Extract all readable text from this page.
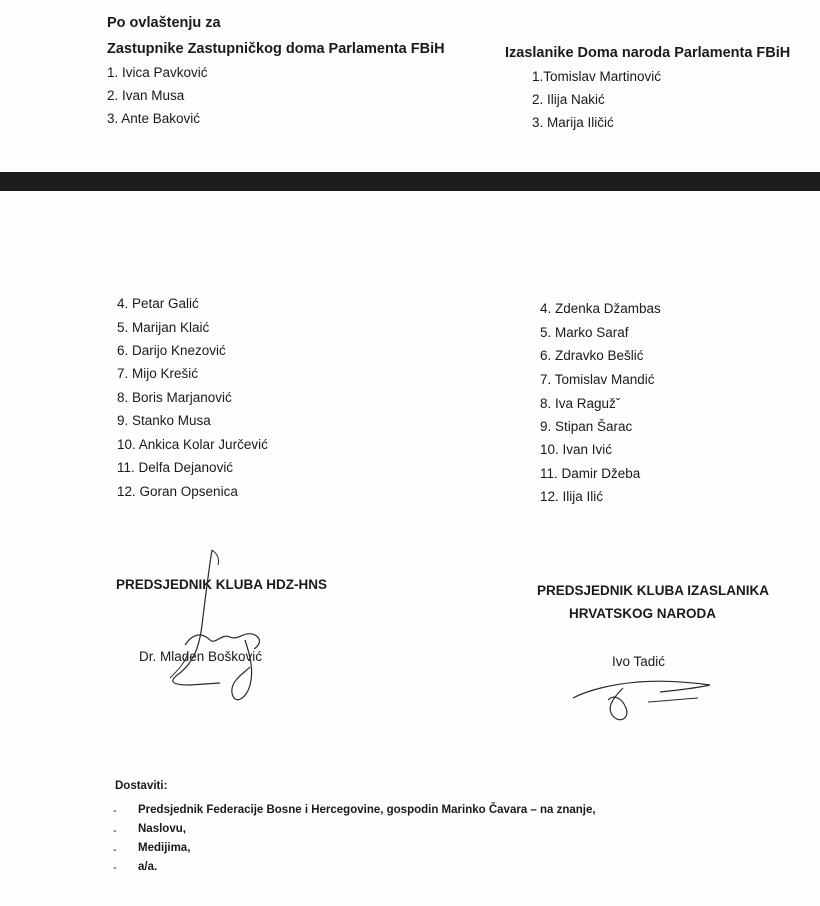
Po ovlaštenju za
Zastupnike Zastupničkog doma Parlamenta FBiH	Izaslanike Doma naroda Parlamenta FBiH
1. Ivica Pavković
2. Ivan Musa
3. Ante Baković
1.Tomislav Martinović
2. Ilija Nakić
3. Marija Iličić
4. Petar Galić
5. Marijan Klaić
6. Darijo Knezović
7. Mijo Krešić
8. Boris Marjanović
9. Stanko Musa
10. Ankica Kolar Jurčević
11. Delfa Dejanović
12. Goran Opsenica
4. Zdenka Džambas
5. Marko Saraf
6. Zdravko Bešlić
7. Tomislav Mandić
8. Iva Ragužˇ
9. Stipan Šarac
10. Ivan Ivić
11. Damir Džeba
12. Ilija Ilić
PREDSJEDNIK KLUBA HDZ-HNS
Dr. Mladen Bošković
PREDSJEDNIK KLUBA IZASLANIKA
HRVATSKOG NARODA
Ivo Tadić
Dostaviti:
- Predsjednik Federacije Bosne i Hercegovine, gospodin Marinko Čavara – na znanje,
- Naslovu,
- Medijima,
- a/a.
